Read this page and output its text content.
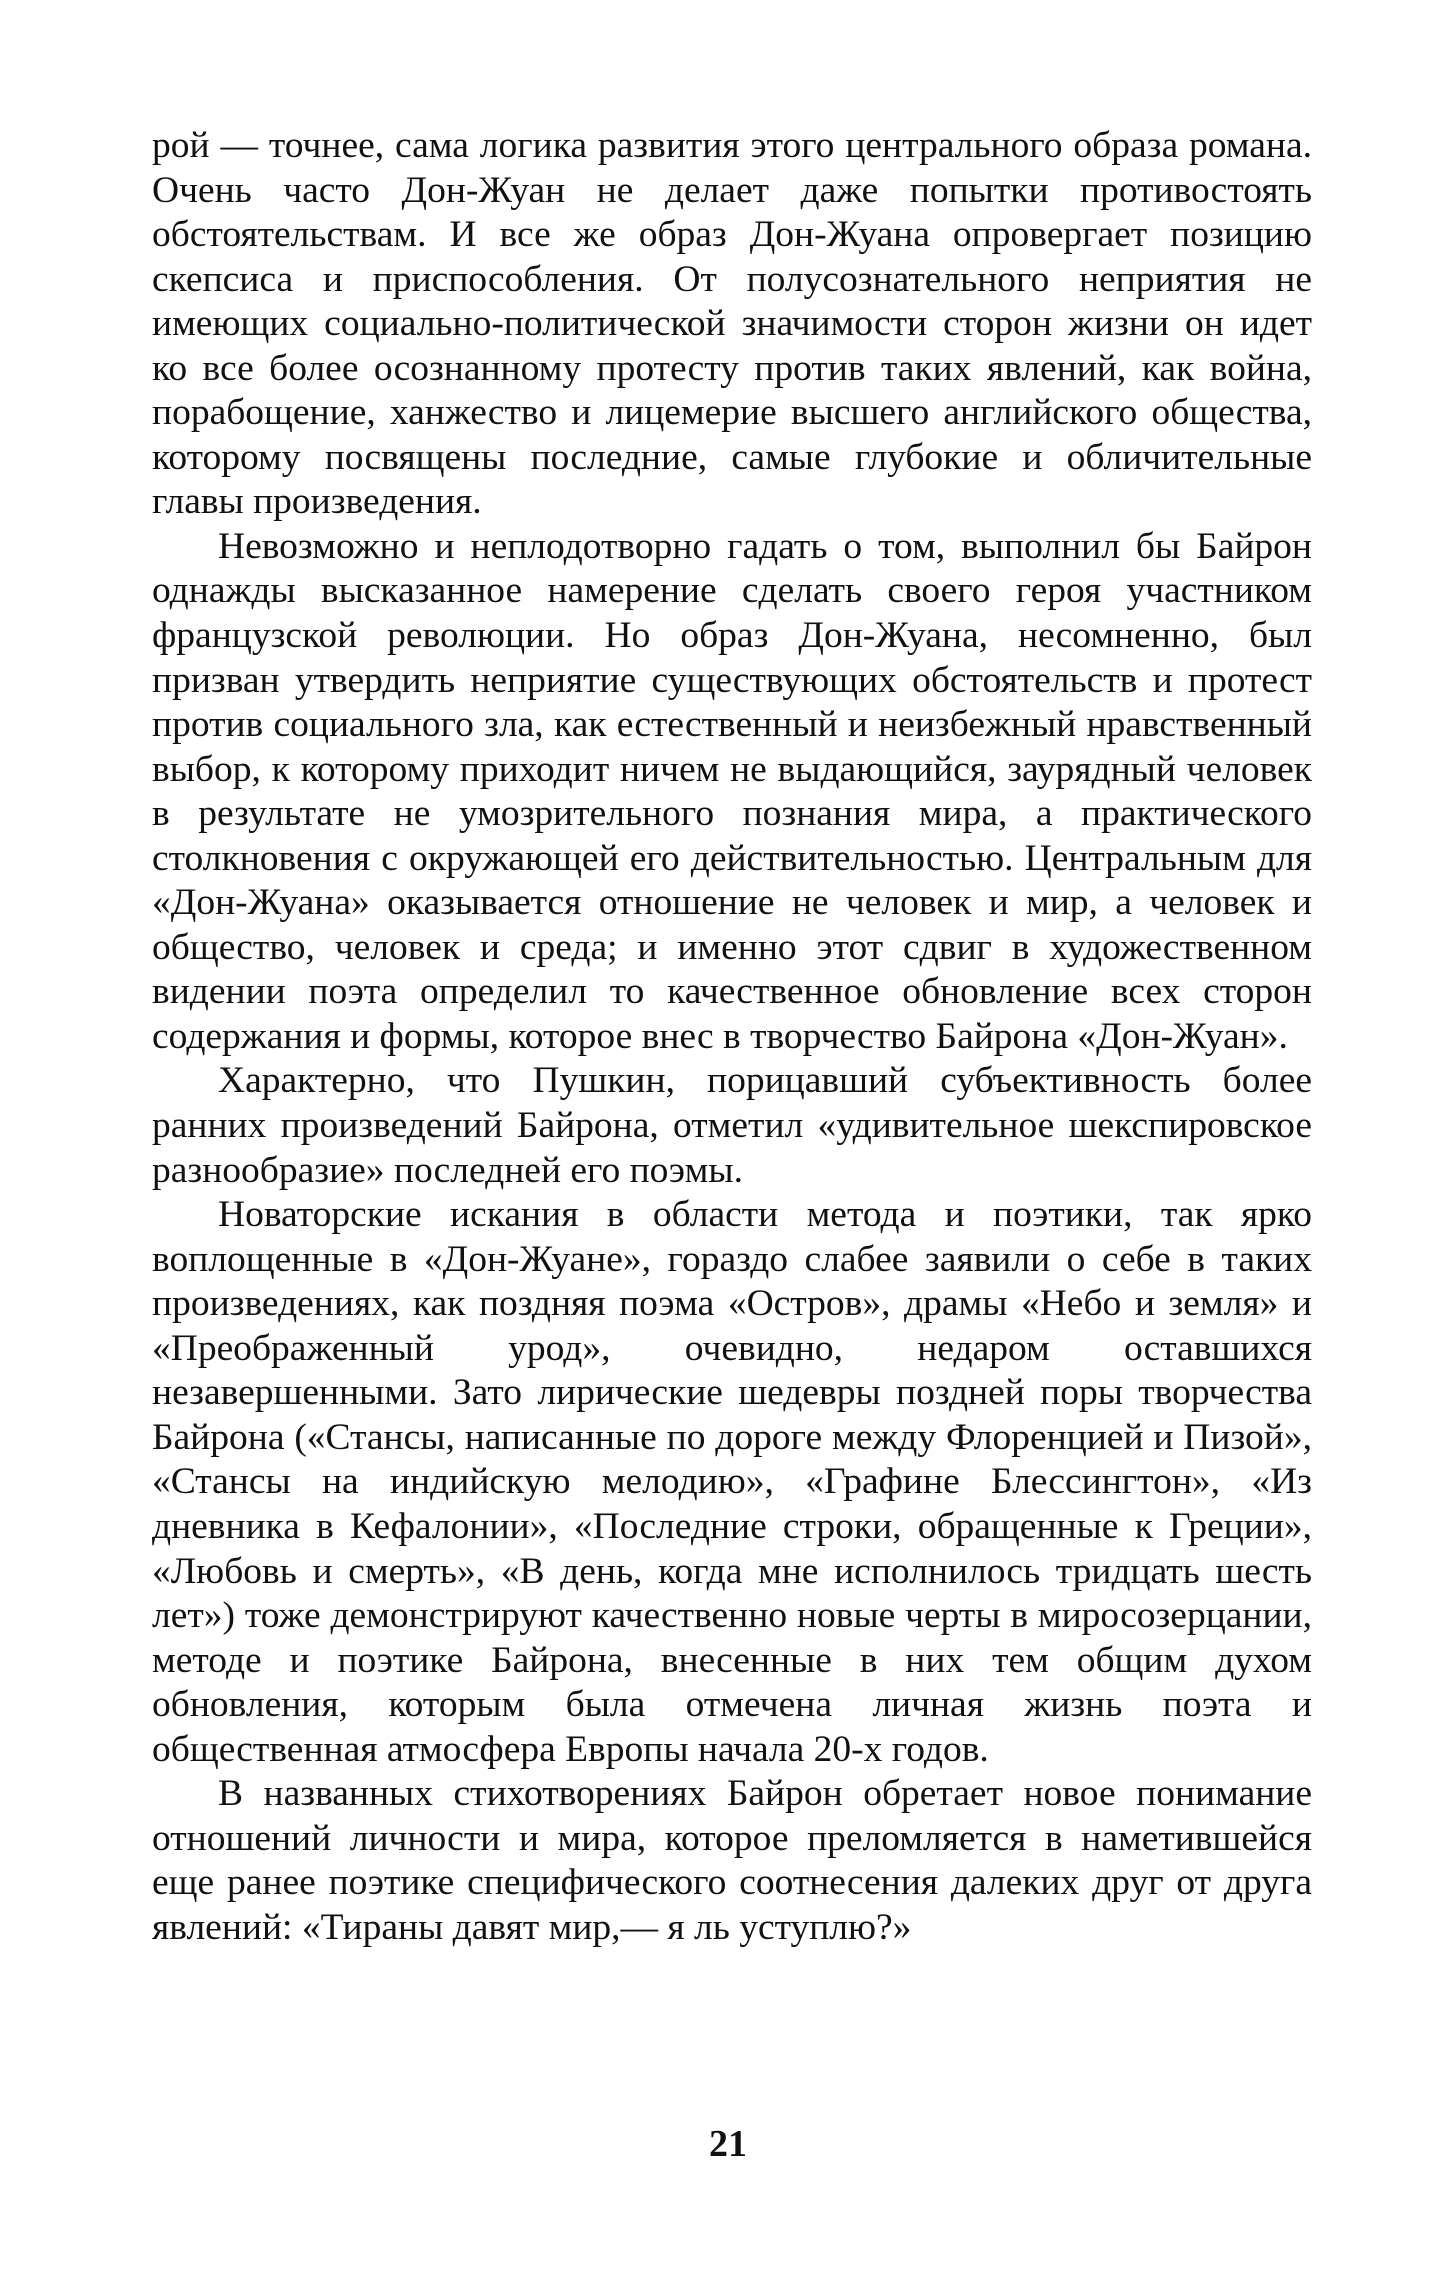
рой — точнее, сама логика развития этого центрального образа романа. Очень часто Дон-Жуан не делает даже попытки противостоять обстоятельствам. И все же образ Дон-Жуана опровергает позицию скепсиса и приспособления. От полусознательного неприятия не имеющих социально-политической значимости сторон жизни он идет ко все более осознанному протесту против таких явлений, как война, порабощение, ханжество и лицемерие высшего английского общества, которому посвящены последние, самые глубокие и обличительные главы произведения.

Невозможно и неплодотворно гадать о том, выполнил бы Байрон однажды высказанное намерение сделать своего героя участником французской революции. Но образ Дон-Жуана, несомненно, был призван утвердить неприятие существующих обстоятельств и протест против социального зла, как естественный и неизбежный нравственный выбор, к которому приходит ничем не выдающийся, заурядный человек в результате не умозрительного познания мира, а практического столкновения с окружающей его действительностью. Центральным для «Дон-Жуана» оказывается отношение не человек и мир, а человек и общество, человек и среда; и именно этот сдвиг в художественном видении поэта определил то качественное обновление всех сторон содержания и формы, которое внес в творчество Байрона «Дон-Жуан».

Характерно, что Пушкин, порицавший субъективность более ранних произведений Байрона, отметил «удивительное шекспировское разнообразие» последней его поэмы.

Новаторские искания в области метода и поэтики, так ярко воплощенные в «Дон-Жуане», гораздо слабее заявили о себе в таких произведениях, как поздняя поэма «Остров», драмы «Небо и земля» и «Преображенный урод», очевидно, недаром оставшихся незавершенными. Зато лирические шедевры поздней поры творчества Байрона («Стансы, написанные по дороге между Флоренцией и Пизой», «Стансы на индийскую мелодию», «Графине Блессингтон», «Из дневника в Кефалонии», «Последние строки, обращенные к Греции», «Любовь и смерть», «В день, когда мне исполнилось тридцать шесть лет») тоже демонстрируют качественно новые черты в миросозерцании, методе и поэтике Байрона, внесенные в них тем общим духом обновления, которым была отмечена личная жизнь поэта и общественная атмосфера Европы начала 20-х годов.

В названных стихотворениях Байрон обретает новое понимание отношений личности и мира, которое преломляется в наметившейся еще ранее поэтике специфического соотнесения далеких друг от друга явлений: «Тираны давят мир,— я ль уступлю?»

21
